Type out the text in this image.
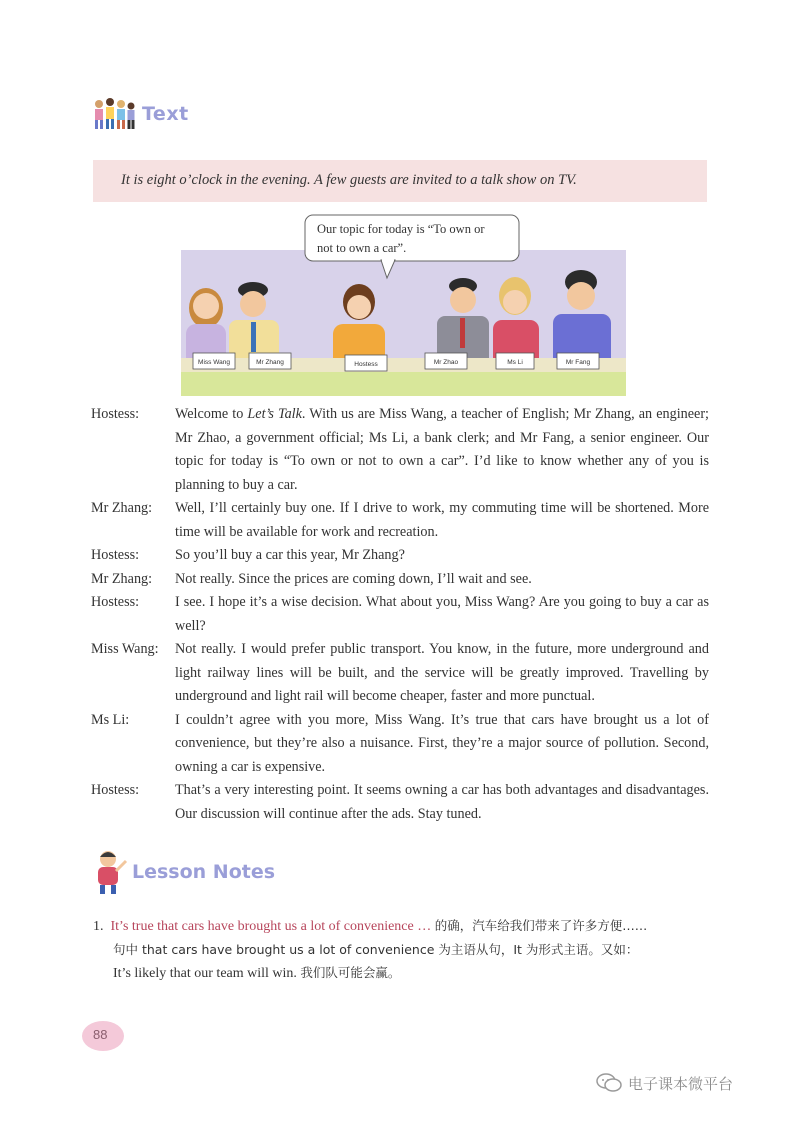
Text
It is eight o’clock in the evening. A few guests are invited to a talk show on TV.
Our topic for today is “To own or
not to own a car”.
Miss Wang	Mr Zhang	Hostess	Mr Zhao	Ms Li	Mr Fang
Hostess:	Welcome to Let’s Talk. With us are Miss Wang, a teacher of English; Mr Zhang, an engineer; Mr Zhao, a government official; Ms Li, a bank clerk; and Mr Fang, a senior engineer. Our topic for today is “To own or not to own a car”. I’d like to know whether any of you is planning to buy a car.
Mr Zhang:	Well, I’ll certainly buy one. If I drive to work, my commuting time will be shortened. More time will be available for work and recreation.
Hostess:	So you’ll buy a car this year, Mr Zhang?
Mr Zhang:	Not really. Since the prices are coming down, I’ll wait and see.
Hostess:	I see. I hope it’s a wise decision. What about you, Miss Wang? Are you going to buy a car as well?
Miss Wang:	Not really. I would prefer public transport. You know, in the future, more underground and light railway lines will be built, and the service will be greatly improved. Travelling by underground and light rail will become cheaper, faster and more punctual.
Ms Li:	I couldn’t agree with you more, Miss Wang. It’s true that cars have brought us a lot of convenience, but they’re also a nuisance. First, they’re a major source of pollution. Second, owning a car is expensive.
Hostess:	That’s a very interesting point. It seems owning a car has both advantages and disadvantages. Our discussion will continue after the ads. Stay tuned.
Lesson Notes
1. It’s true that cars have brought us a lot of convenience … 的确，汽车给我们带来了许多方便……
句中 that cars have brought us a lot of convenience 为主语从句，It 为形式主语。又如：
It’s likely that our team will win. 我们队可能会赢。
88
电子课本微平台
